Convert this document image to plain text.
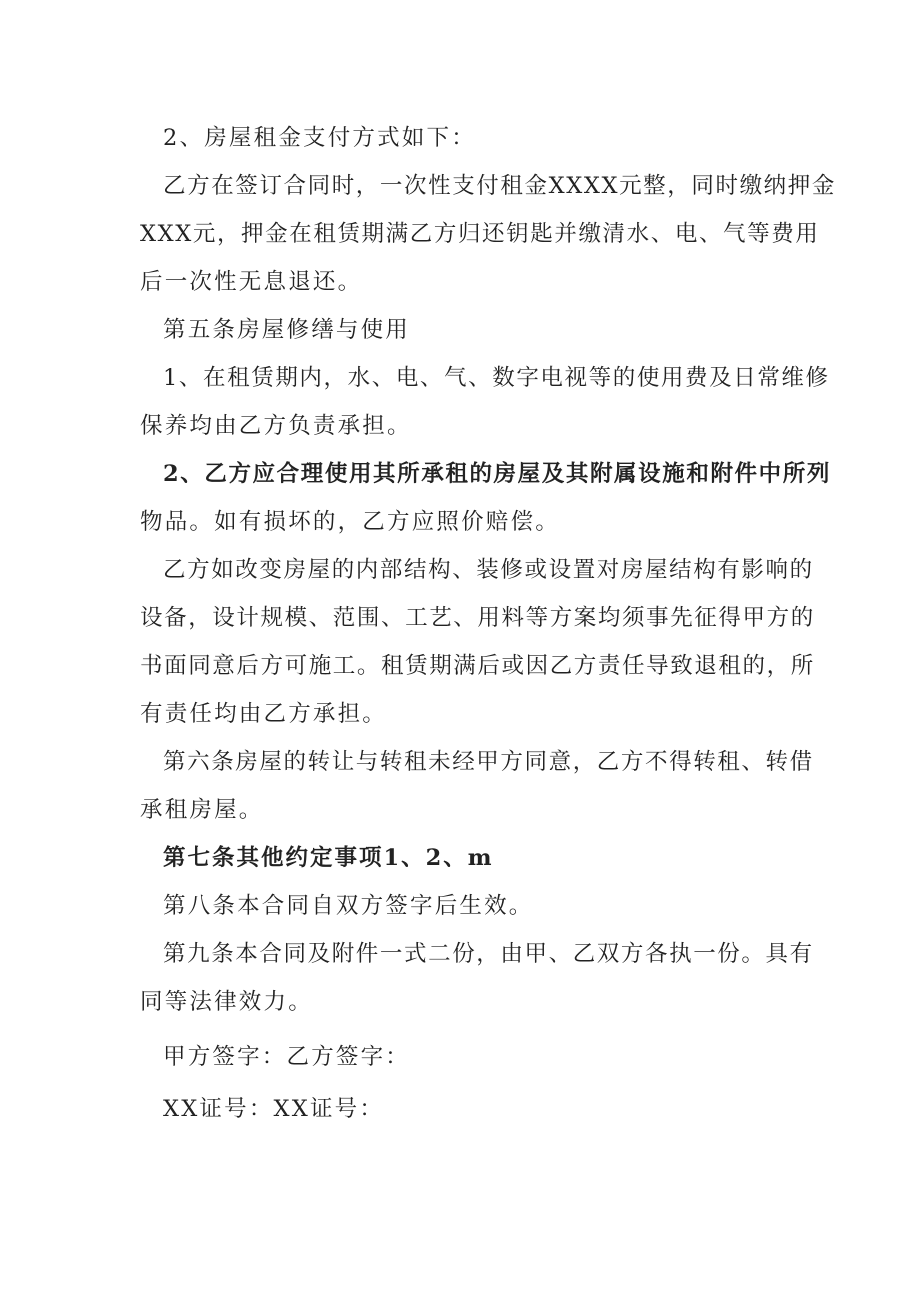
2、房屋租金支付方式如下：
乙方在签订合同时，一次性支付租金XXXX元整，同时缴纳押金
XXX元，押金在租赁期满乙方归还钥匙并缴清水、电、气等费用
后一次性无息退还。
第五条房屋修缮与使用
1、在租赁期内，水、电、气、数字电视等的使用费及日常维修
保养均由乙方负责承担。
2、乙方应合理使用其所承租的房屋及其附属设施和附件中所列
物品。如有损坏的，乙方应照价赔偿。
乙方如改变房屋的内部结构、装修或设置对房屋结构有影响的
设备，设计规模、范围、工艺、用料等方案均须事先征得甲方的
书面同意后方可施工。租赁期满后或因乙方责任导致退租的，所
有责任均由乙方承担。
第六条房屋的转让与转租未经甲方同意，乙方不得转租、转借
承租房屋。
第七条其他约定事项1、2、m
第八条本合同自双方签字后生效。
第九条本合同及附件一式二份，由甲、乙双方各执一份。具有
同等法律效力。
甲方签字：乙方签字：
XX证号：XX证号：
